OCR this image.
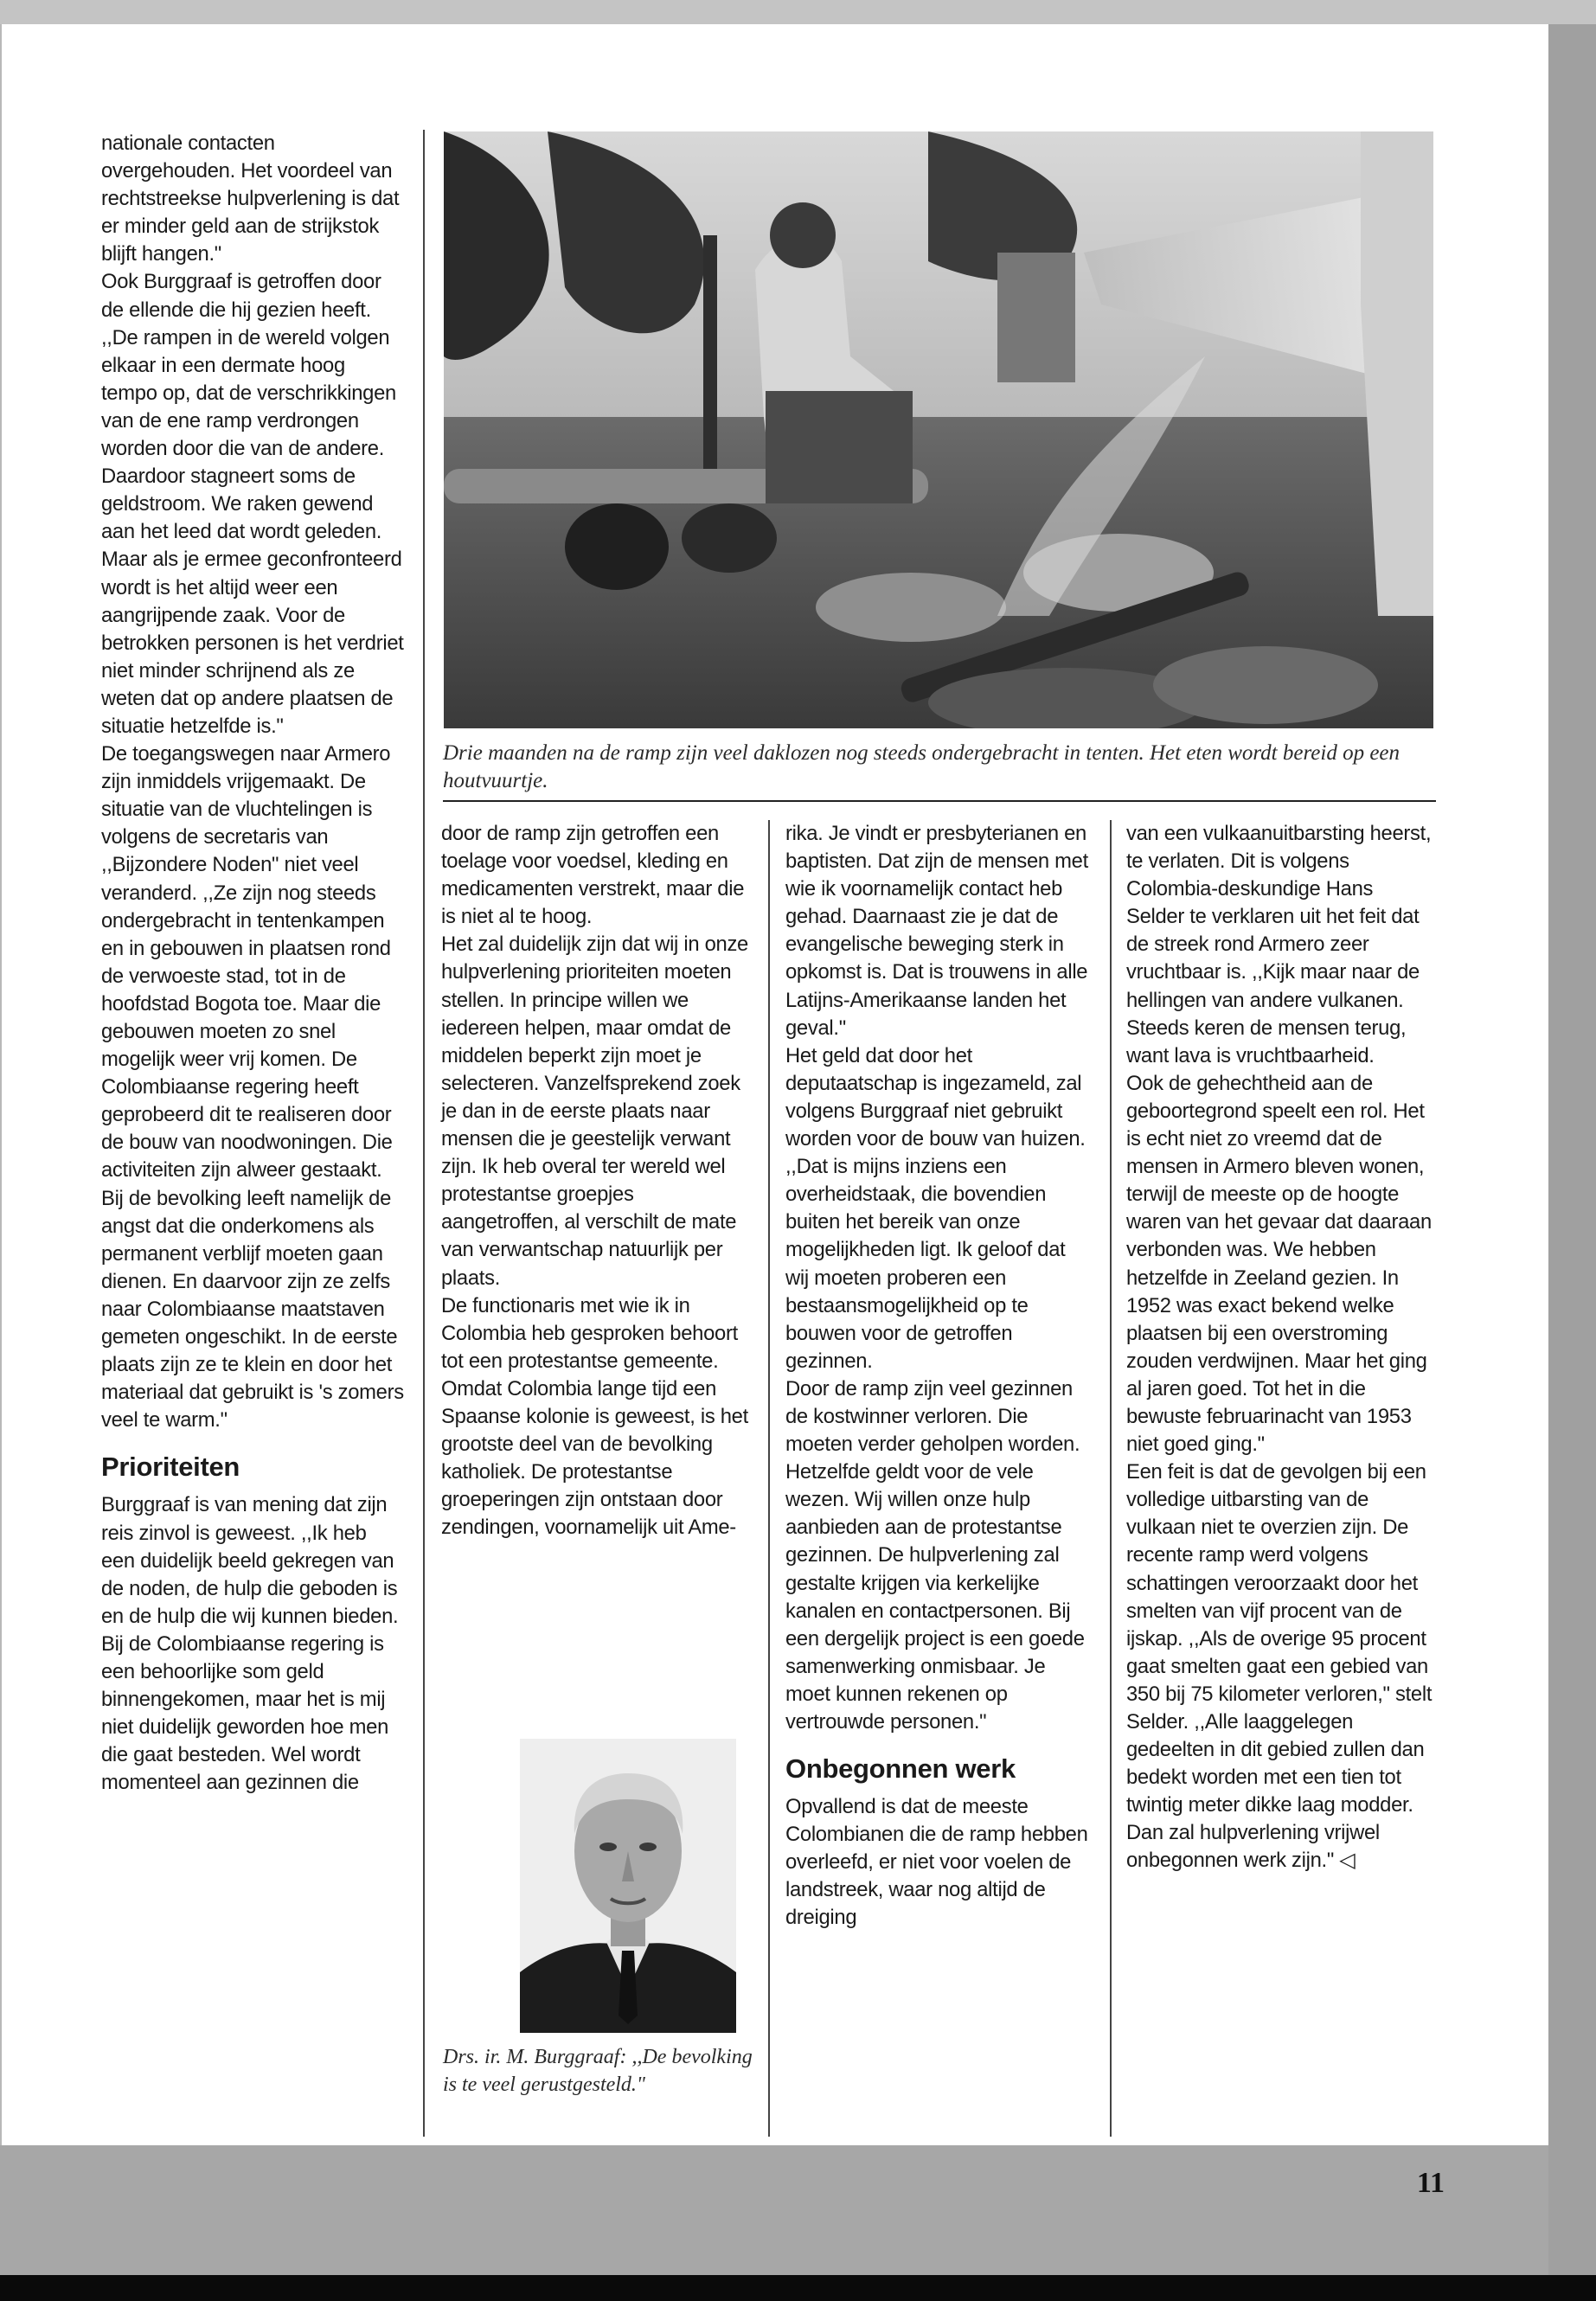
nationale contacten overgehouden. Het voordeel van rechtstreekse hulpverlening is dat er minder geld aan de strijkstok blijft hangen."

Ook Burggraaf is getroffen door de ellende die hij gezien heeft. ,,De rampen in de wereld volgen elkaar in een dermate hoog tempo op, dat de verschrikkingen van de ene ramp verdrongen worden door die van de andere. Daardoor stagneert soms de geldstroom. We raken gewend aan het leed dat wordt geleden. Maar als je ermee geconfronteerd wordt is het altijd weer een aangrijpende zaak. Voor de betrokken personen is het verdriet niet minder schrijnend als ze weten dat op andere plaatsen de situatie hetzelfde is."

De toegangswegen naar Armero zijn inmiddels vrijgemaakt. De situatie van de vluchtelingen is volgens de secretaris van ,,Bijzondere Noden" niet veel veranderd. ,,Ze zijn nog steeds ondergebracht in tentenkampen en in gebouwen in plaatsen rond de verwoeste stad, tot in de hoofdstad Bogota toe. Maar die gebouwen moeten zo snel mogelijk weer vrij komen. De Colombiaanse regering heeft geprobeerd dit te realiseren door de bouw van noodwoningen. Die activiteiten zijn alweer gestaakt. Bij de bevolking leeft namelijk de angst dat die onderkomens als permanent verblijf moeten gaan dienen. En daarvoor zijn ze zelfs naar Colombiaanse maatstaven gemeten ongeschikt. In de eerste plaats zijn ze te klein en door het materiaal dat gebruikt is 's zomers veel te warm."

Prioriteiten

Burggraaf is van mening dat zijn reis zinvol is geweest. ,,Ik heb een duidelijk beeld gekregen van de noden, de hulp die geboden is en de hulp die wij kunnen bieden. Bij de Colombiaanse regering is een behoorlijke som geld binnengekomen, maar het is mij niet duidelijk geworden hoe men die gaat besteden. Wel wordt momenteel aan gezinnen die

Drie maanden na de ramp zijn veel daklozen nog steeds ondergebracht in tenten. Het eten wordt bereid op een houtvuurtje.

door de ramp zijn getroffen een toelage voor voedsel, kleding en medicamenten verstrekt, maar die is niet al te hoog.

Het zal duidelijk zijn dat wij in onze hulpverlening prioriteiten moeten stellen. In principe willen we iedereen helpen, maar omdat de middelen beperkt zijn moet je selecteren. Vanzelfsprekend zoek je dan in de eerste plaats naar mensen die je geestelijk verwant zijn. Ik heb overal ter wereld wel protestantse groepjes aangetroffen, al verschilt de mate van verwantschap natuurlijk per plaats.

De functionaris met wie ik in Colombia heb gesproken behoort tot een protestantse gemeente. Omdat Colombia lange tijd een Spaanse kolonie is geweest, is het grootste deel van de bevolking katholiek. De protestantse groeperingen zijn ontstaan door zendingen, voornamelijk uit Ame-

Drs. ir. M. Burggraaf: ,,De bevolking is te veel gerustgesteld."

rika. Je vindt er presbyterianen en baptisten. Dat zijn de mensen met wie ik voornamelijk contact heb gehad. Daarnaast zie je dat de evangelische beweging sterk in opkomst is. Dat is trouwens in alle Latijns-Amerikaanse landen het geval."

Het geld dat door het deputaatschap is ingezameld, zal volgens Burggraaf niet gebruikt worden voor de bouw van huizen. ,,Dat is mijns inziens een overheidstaak, die bovendien buiten het bereik van onze mogelijkheden ligt. Ik geloof dat wij moeten proberen een bestaansmogelijkheid op te bouwen voor de getroffen gezinnen.

Door de ramp zijn veel gezinnen de kostwinner verloren. Die moeten verder geholpen worden. Hetzelfde geldt voor de vele wezen. Wij willen onze hulp aanbieden aan de protestantse gezinnen. De hulpverlening zal gestalte krijgen via kerkelijke kanalen en contactpersonen. Bij een dergelijk project is een goede samenwerking onmisbaar. Je moet kunnen rekenen op vertrouwde personen."

Onbegonnen werk

Opvallend is dat de meeste Colombianen die de ramp hebben overleefd, er niet voor voelen de landstreek, waar nog altijd de dreiging

van een vulkaanuitbarsting heerst, te verlaten. Dit is volgens Colombia-deskundige Hans Selder te verklaren uit het feit dat de streek rond Armero zeer vruchtbaar is. ,,Kijk maar naar de hellingen van andere vulkanen. Steeds keren de mensen terug, want lava is vruchtbaarheid.

Ook de gehechtheid aan de geboortegrond speelt een rol. Het is echt niet zo vreemd dat de mensen in Armero bleven wonen, terwijl de meeste op de hoogte waren van het gevaar dat daaraan verbonden was. We hebben hetzelfde in Zeeland gezien. In 1952 was exact bekend welke plaatsen bij een overstroming zouden verdwijnen. Maar het ging al jaren goed. Tot het in die bewuste februarinacht van 1953 niet goed ging."

Een feit is dat de gevolgen bij een volledige uitbarsting van de vulkaan niet te overzien zijn. De recente ramp werd volgens schattingen veroorzaakt door het smelten van vijf procent van de ijskap. ,,Als de overige 95 procent gaat smelten gaat een gebied van 350 bij 75 kilometer verloren," stelt Selder. ,,Alle laaggelegen gedeelten in dit gebied zullen dan bedekt worden met een tien tot twintig meter dikke laag modder. Dan zal hulpverlening vrijwel onbegonnen werk zijn." ◁

11
